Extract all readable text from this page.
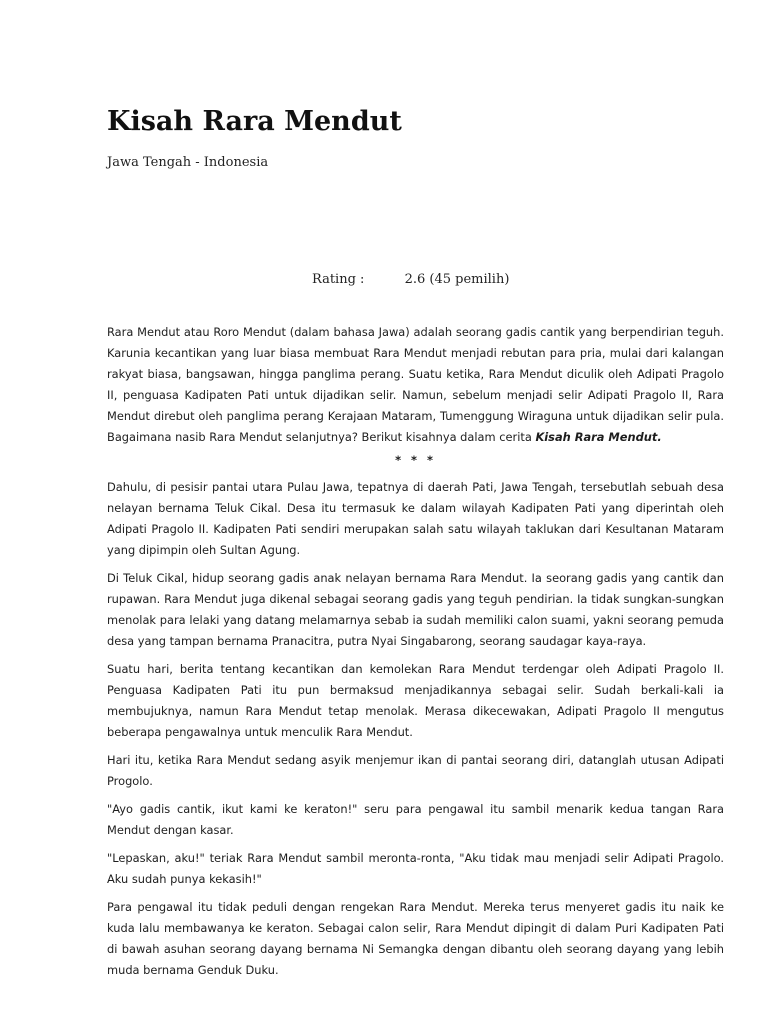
Kisah Rara Mendut
Jawa Tengah - Indonesia
Rating :	2.6 (45 pemilih)

Rara Mendut atau Roro Mendut (dalam bahasa Jawa) adalah seorang gadis cantik yang berpendirian teguh. Karunia kecantikan yang luar biasa membuat Rara Mendut menjadi rebutan para pria, mulai dari kalangan rakyat biasa, bangsawan, hingga panglima perang. Suatu ketika, Rara Mendut diculik oleh Adipati Pragolo II, penguasa Kadipaten Pati untuk dijadikan selir. Namun, sebelum menjadi selir Adipati Pragolo II, Rara Mendut direbut oleh panglima perang Kerajaan Mataram, Tumenggung Wiraguna untuk dijadikan selir pula. Bagaimana nasib Rara Mendut selanjutnya? Berikut kisahnya dalam cerita Kisah Rara Mendut.

* * *

Dahulu, di pesisir pantai utara Pulau Jawa, tepatnya di daerah Pati, Jawa Tengah, tersebutlah sebuah desa nelayan bernama Teluk Cikal. Desa itu termasuk ke dalam wilayah Kadipaten Pati yang diperintah oleh Adipati Pragolo II. Kadipaten Pati sendiri merupakan salah satu wilayah taklukan dari Kesultanan Mataram yang dipimpin oleh Sultan Agung.

Di Teluk Cikal, hidup seorang gadis anak nelayan bernama Rara Mendut. Ia seorang gadis yang cantik dan rupawan. Rara Mendut juga dikenal sebagai seorang gadis yang teguh pendirian. Ia tidak sungkan-sungkan menolak para lelaki yang datang melamarnya sebab ia sudah memiliki calon suami, yakni seorang pemuda desa yang tampan bernama Pranacitra, putra Nyai Singabarong, seorang saudagar kaya-raya.

Suatu hari, berita tentang kecantikan dan kemolekan Rara Mendut terdengar oleh Adipati Pragolo II. Penguasa Kadipaten Pati itu pun bermaksud menjadikannya sebagai selir. Sudah berkali-kali ia membujuknya, namun Rara Mendut tetap menolak. Merasa dikecewakan, Adipati Pragolo II mengutus beberapa pengawalnya untuk menculik Rara Mendut.

Hari itu, ketika Rara Mendut sedang asyik menjemur ikan di pantai seorang diri, datanglah utusan Adipati Progolo.

"Ayo gadis cantik, ikut kami ke keraton!" seru para pengawal itu sambil menarik kedua tangan Rara Mendut dengan kasar.

"Lepaskan, aku!" teriak Rara Mendut sambil meronta-ronta, "Aku tidak mau menjadi selir Adipati Pragolo. Aku sudah punya kekasih!"

Para pengawal itu tidak peduli dengan rengekan Rara Mendut. Mereka terus menyeret gadis itu naik ke kuda lalu membawanya ke keraton. Sebagai calon selir, Rara Mendut dipingit di dalam Puri Kadipaten Pati di bawah asuhan seorang dayang bernama Ni Semangka dengan dibantu oleh seorang dayang yang lebih muda bernama Genduk Duku.
